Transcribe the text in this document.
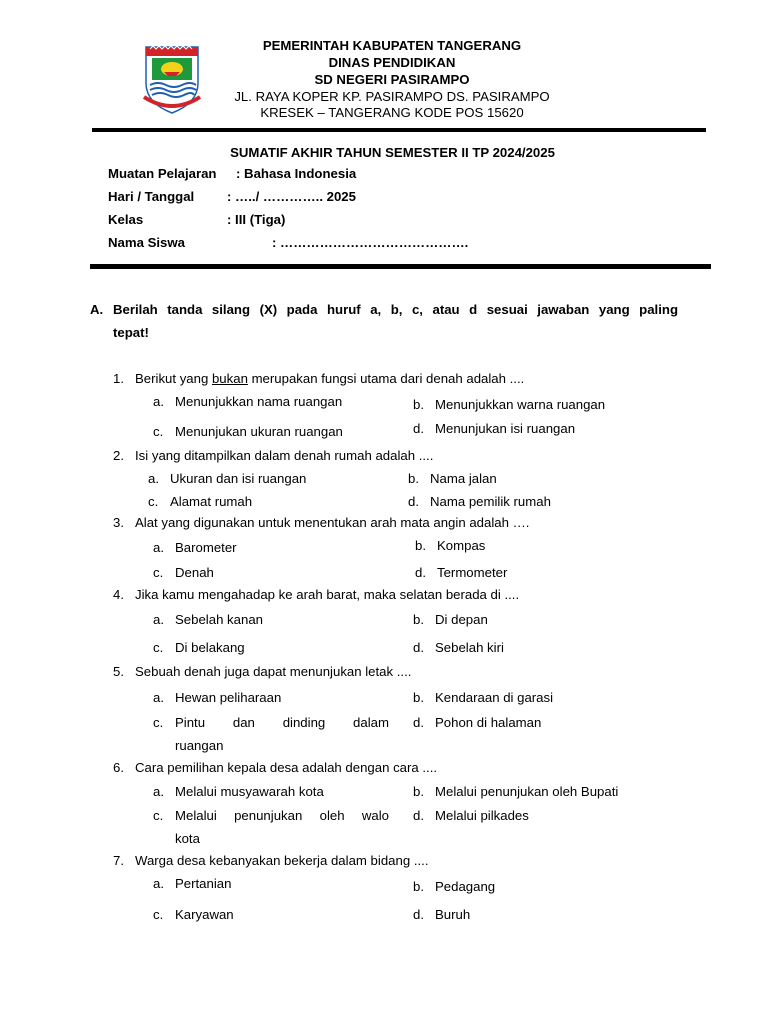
PEMERINTAH KABUPATEN TANGERANG
DINAS PENDIDIKAN
SD NEGERI PASIRAMPO
JL. RAYA KOPER KP. PASIRAMPO DS. PASIRAMPO
KRESEK – TANGERANG KODE POS 15620
SUMATIF AKHIR TAHUN SEMESTER II TP 2024/2025
Muatan Pelajaran : Bahasa Indonesia
Hari / Tanggal : …../ ………….. 2025
Kelas	: III (Tiga)
Nama Siswa	: …………………………………….
A. Berilah tanda silang (X) pada huruf a, b, c, atau d sesuai jawaban yang paling
tepat!
1. Berikut yang bukan merupakan fungsi utama dari denah adalah ....
a. Menunjukkan nama ruangan	b. Menunjukkan warna ruangan
c. Menunjukan ukuran ruangan	d. Menunjukan isi ruangan
2. Isi yang ditampilkan dalam denah rumah adalah ....
a. Ukuran dan isi ruangan	b. Nama jalan
c. Alamat rumah	d. Nama pemilik rumah
3. Alat yang digunakan untuk menentukan arah mata angin adalah ….
a. Barometer	b. Kompas
c. Denah	d. Termometer
4. Jika kamu mengahadap ke arah barat, maka selatan berada di ....
a. Sebelah kanan	b. Di depan
c. Di belakang	d. Sebelah kiri
5. Sebuah denah juga dapat menunjukan letak ....
a. Hewan peliharaan	b. Kendaraan di garasi
c. Pintu dan dinding dalam
ruangan
d. Pohon di halaman
6. Cara pemilihan kepala desa adalah dengan cara ....
a. Melalui musyawarah kota	b. Melalui penunjukan oleh Bupati
c. Melalui penunjukan oleh walo
kota
d. Melalui pilkades
7. Warga desa kebanyakan bekerja dalam bidang ....
a. Pertanian	b. Pedagang
c. Karyawan	d. Buruh
